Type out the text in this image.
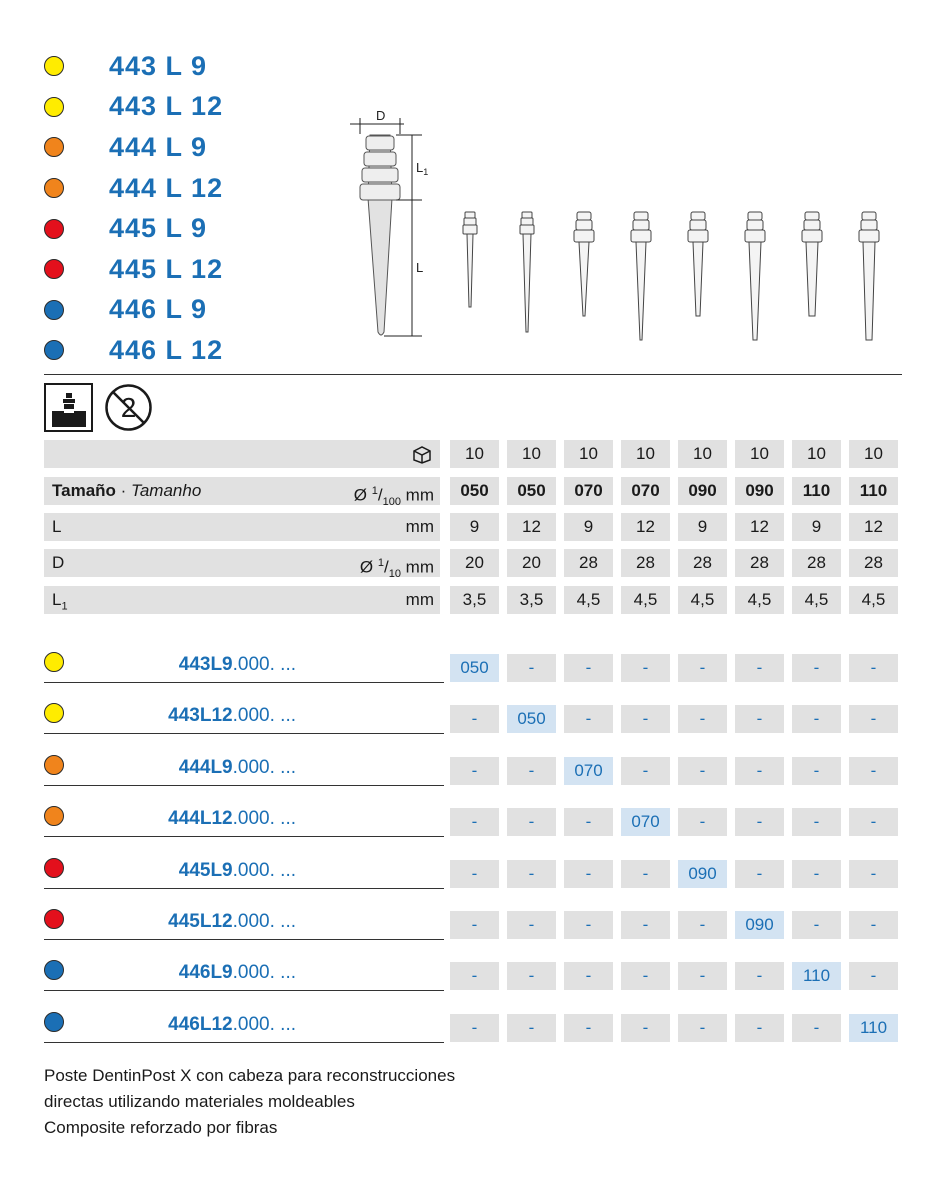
443 L 9
443 L 12
444 L 9
444 L 12
445 L 9
445 L 12
446 L 9
446 L 12
D
$L_1$
L
2
10	10	10	10	10	10	10	10
Tamaño · Tamanho	Ø $^1/_{100}$ mm	050	050	070	070	090	090	110	110
L	mm	9	12	9	12	9	12	9	12
D	Ø $^1/_{10}$ mm	20	20	28	28	28	28	28	28
$L_1$	mm	3,5	3,5	4,5	4,5	4,5	4,5	4,5	4,5
443L9.000. ...	050	-	-	-	-	-	-	-
443L12.000. ...	-	050	-	-	-	-	-	-
444L9.000. ...	-	-	070	-	-	-	-	-
444L12.000. ...	-	-	-	070	-	-	-	-
445L9.000. ...	-	-	-	-	090	-	-	-
445L12.000. ...	-	-	-	-	-	090	-	-
446L9.000. ...	-	-	-	-	-	-	110	-
446L12.000. ...	-	-	-	-	-	-	-	110
Poste DentinPost X con cabeza para reconstrucciones
directas utilizando materiales moldeables
Composite reforzado por fibras
